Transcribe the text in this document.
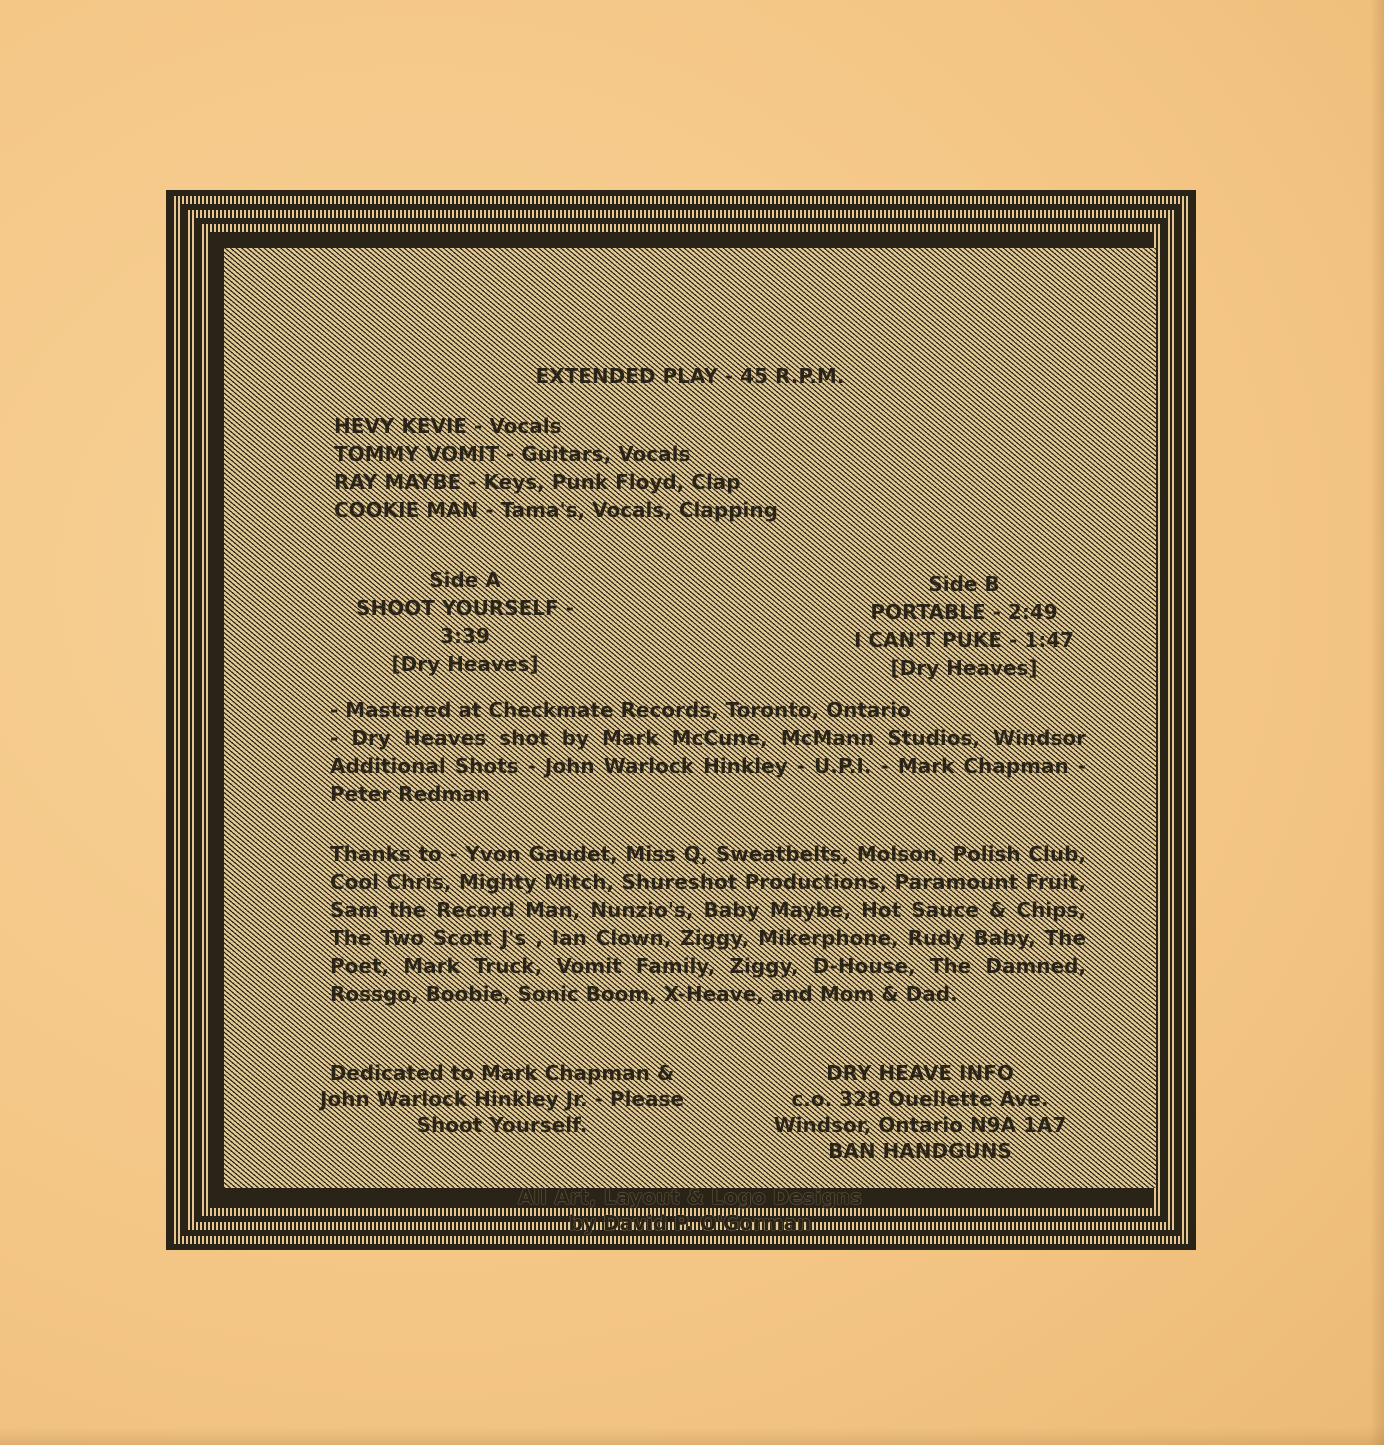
EXTENDED PLAY - 45 R.P.M.
HEVY KEVIE - Vocals
TOMMY VOMIT - Guitars, Vocals
RAY MAYBE - Keys, Punk Floyd, Clap
COOKIE MAN - Tama's, Vocals, Clapping
Side A
SHOOT YOURSELF - 3:39
[Dry Heaves]
Side B
PORTABLE - 2:49
I CAN'T PUKE - 1:47
[Dry Heaves]
- Mastered at Checkmate Records, Toronto, Ontario
- Dry Heaves shot by Mark McCune, McMann Studios, Windsor Additional Shots - John Warlock Hinkley - U.P.I. - Mark Chapman - Peter Redman
Thanks to - Yvon Gaudet, Miss Q, Sweatbelts, Molson, Polish Club, Cool Chris, Mighty Mitch, Shureshot Productions, Paramount Fruit, Sam the Record Man, Nunzio's, Baby Maybe, Hot Sauce & Chips, The Two Scott J's , Ian Clown, Ziggy, Mikerphone, Rudy Baby, The Poet, Mark Truck, Vomit Family, Ziggy, D-House, The Damned, Rossgo, Boobie, Sonic Boom, X-Heave, and Mom & Dad.
Dedicated to Mark Chapman &
John Warlock Hinkley Jr. - Please
Shoot Yourself.
DRY HEAVE INFO
c.o. 328 Ouellette Ave.
Windsor, Ontario N9A 1A7
BAN HANDGUNS
All Art, Layout & Logo Designs
by David P. O'Gorman
